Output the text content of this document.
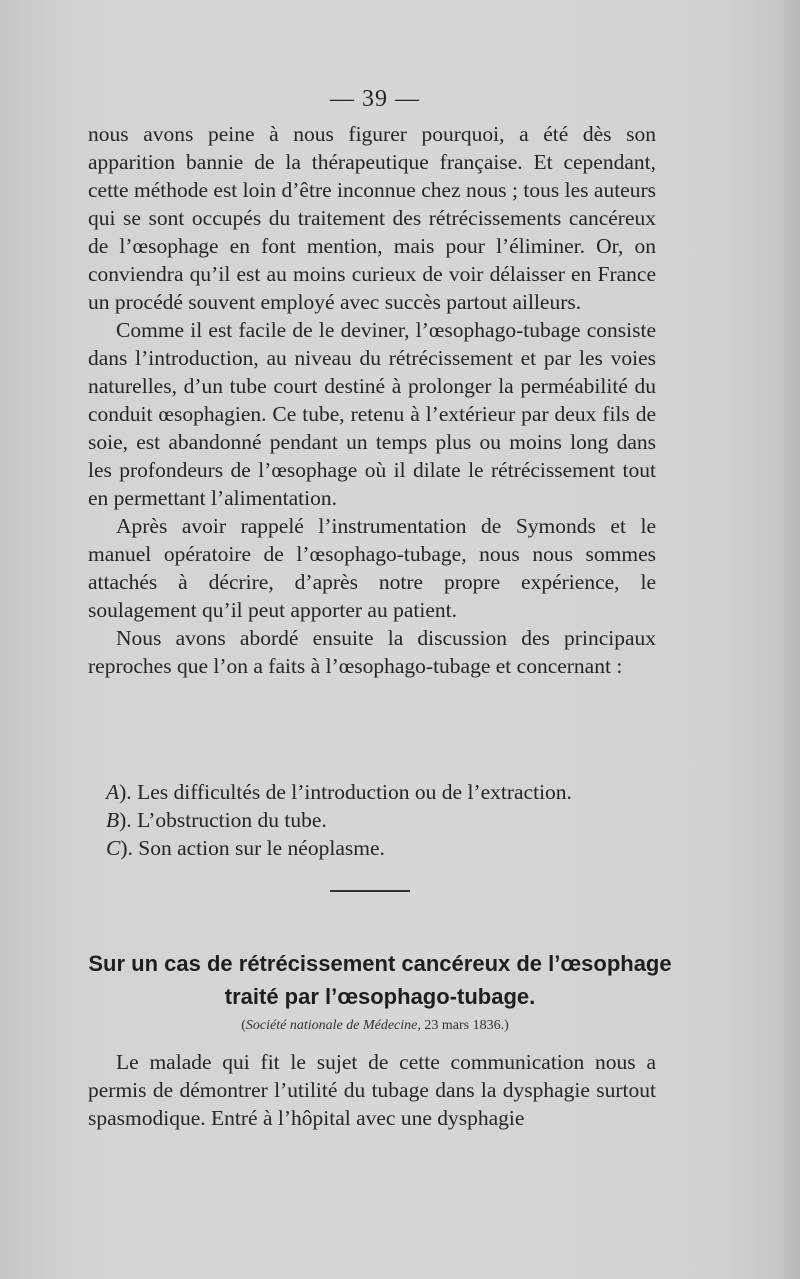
— 39 —

nous avons peine à nous figurer pourquoi, a été dès son apparition bannie de la thérapeutique française. Et cependant, cette méthode est loin d’être inconnue chez nous ; tous les auteurs qui se sont occupés du traitement des rétrécissements cancéreux de l’œsophage en font mention, mais pour l’éliminer. Or, on conviendra qu’il est au moins curieux de voir délaisser en France un procédé souvent employé avec succès partout ailleurs.

Comme il est facile de le deviner, l’œsophago-tubage consiste dans l’introduction, au niveau du rétrécissement et par les voies naturelles, d’un tube court destiné à prolonger la perméabilité du conduit œsophagien. Ce tube, retenu à l’extérieur par deux fils de soie, est abandonné pendant un temps plus ou moins long dans les profondeurs de l’œsophage où il dilate le rétrécissement tout en permettant l’alimentation.

Après avoir rappelé l’instrumentation de Symonds et le manuel opératoire de l’œsophago-tubage, nous nous sommes attachés à décrire, d’après notre propre expérience, le soulagement qu’il peut apporter au patient.

Nous avons abordé ensuite la discussion des principaux reproches que l’on a faits à l’œsophago-tubage et concernant :

A). Les difficultés de l’introduction ou de l’extraction.
B). L’obstruction du tube.
C). Son action sur le néoplasme.
Sur un cas de rétrécissement cancéreux de l’œsophage
traité par l’œsophago-tubage.
(Société nationale de Médecine, 23 mars 1836.)

Le malade qui fit le sujet de cette communication nous a permis de démontrer l’utilité du tubage dans la dysphagie surtout spasmodique. Entré à l’hôpital avec une dysphagie
